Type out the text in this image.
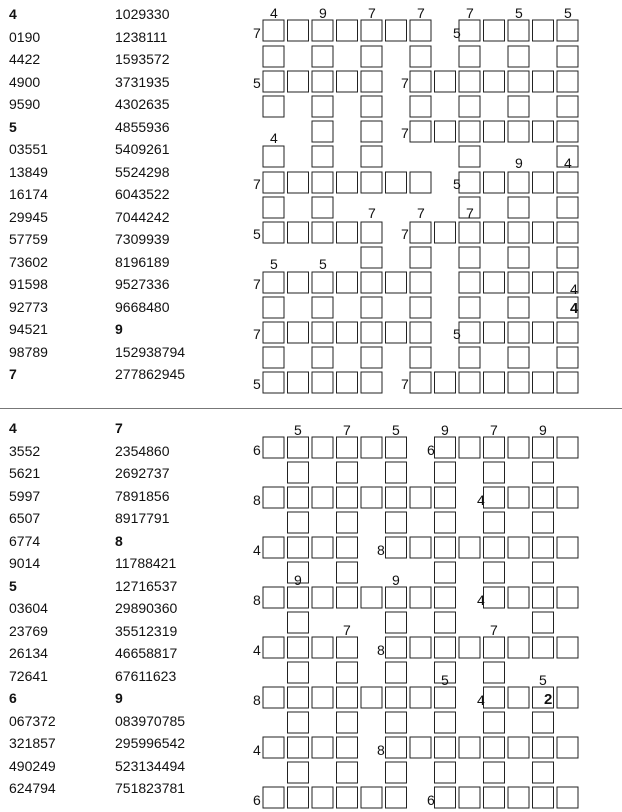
4
0190
4422
4900
9590
5
03551
13849
16174
29945
57759
73602
91598
92773
94521
98789
7
1029330
1238111
1593572
3731935
4302635
4855936
5409261
5524298
6043522
7044242
7309939
8196189
9527336
9668480
9
152938794
277862945
4
3552
5621
5997
6507
6774
9014
5
03604
23769
26134
72641
6
067372
321857
490249
624794
7
2354860
2692737
7891856
8917791
8
11788421
12716537
29890360
35512319
46658817
67611623
9
083970785
295996542
523134494
751823781
4	9	7	7	7	5	5
7	5
5	7
7
4
7	5
9	4
7	7	7
5	7
5	5
7	4
7	5
5	7
4
5	7	5	9	7	9
6	6
8	4
4	8
9	9
8	4
7	7
4	8
5	5
8	4
4	8
6	6
2
